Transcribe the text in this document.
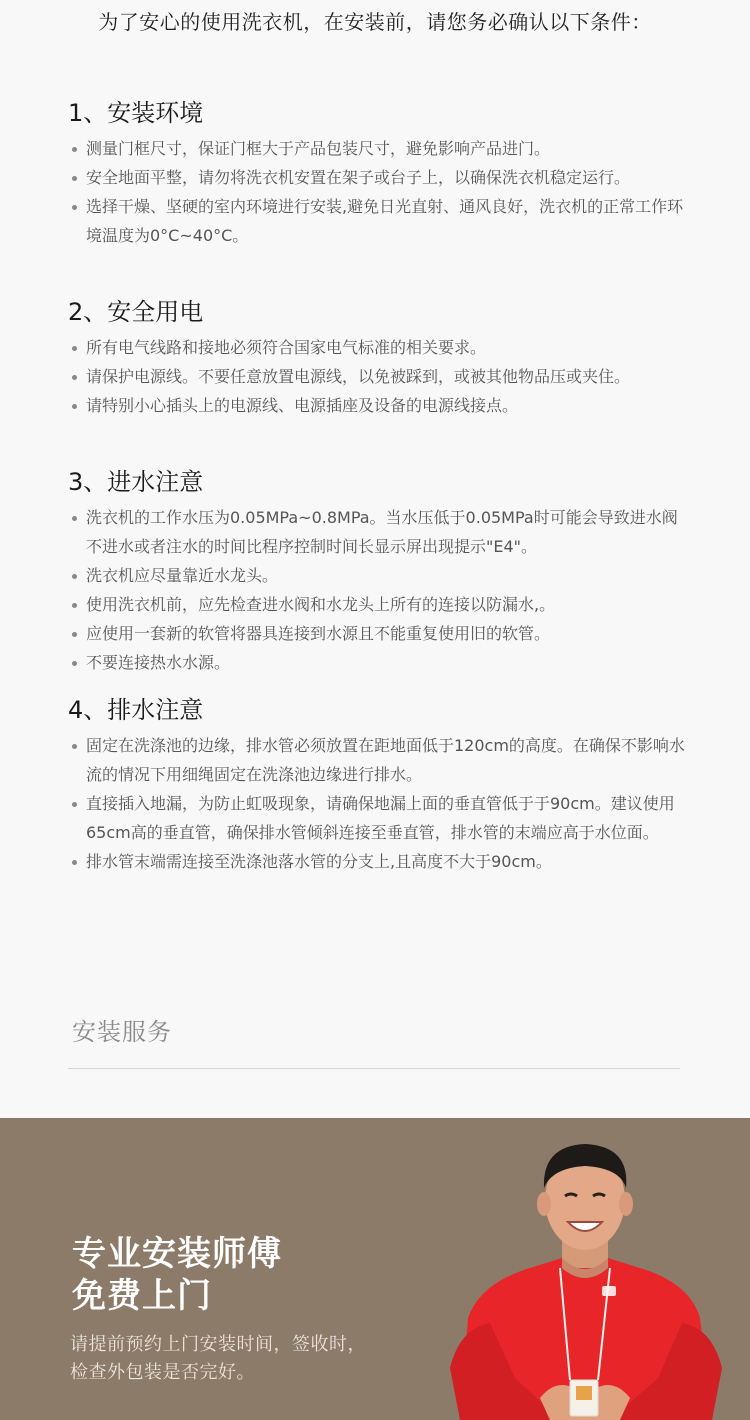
为了安心的使用洗衣机，在安装前，请您务必确认以下条件：
1、安装环境
测量门框尺寸，保证门框大于产品包装尺寸，避免影响产品进门。
安全地面平整，请勿将洗衣机安置在架子或台子上，以确保洗衣机稳定运行。
选择干燥、坚硬的室内环境进行安装,避免日光直射、通风良好，洗衣机的正常工作环境温度为0°C~40°C。
2、安全用电
所有电气线路和接地必须符合国家电气标准的相关要求。
请保护电源线。不要任意放置电源线，以免被踩到，或被其他物品压或夹住。
请特别小心插头上的电源线、电源插座及设备的电源线接点。
3、进水注意
洗衣机的工作水压为0.05MPa~0.8MPa。当水压低于0.05MPa时可能会导致进水阀不进水或者注水的时间比程序控制时间长显示屏出现提示"E4"。
洗衣机应尽量靠近水龙头。
使用洗衣机前，应先检查进水阀和水龙头上所有的连接以防漏水,。
应使用一套新的软管将器具连接到水源且不能重复使用旧的软管。
不要连接热水水源。
4、排水注意
固定在洗涤池的边缘，排水管必须放置在距地面低于120cm的高度。在确保不影响水流的情况下用细绳固定在洗涤池边缘进行排水。
直接插入地漏，为防止虹吸现象，请确保地漏上面的垂直管低于于90cm。建议使用65cm高的垂直管，确保排水管倾斜连接至垂直管，排水管的末端应高于水位面。
排水管末端需连接至洗涤池落水管的分支上,且高度不大于90cm。
安装服务
专业安装师傅
免费上门
请提前预约上门安装时间，签收时，
检查外包装是否完好。
